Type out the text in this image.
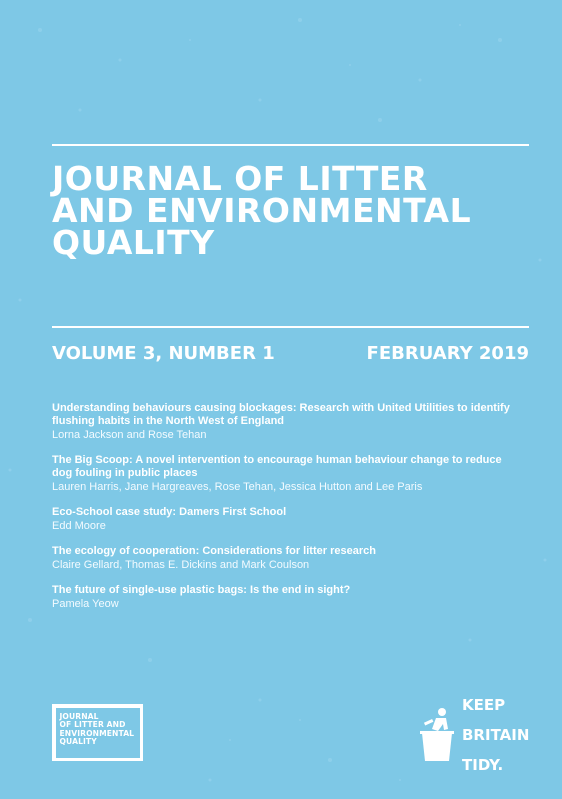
JOURNAL OF LITTER
AND ENVIRONMENTAL
QUALITY
VOLUME 3, NUMBER 1	FEBRUARY 2019
Understanding behaviours causing blockages: Research with United Utilities to identify flushing habits in the North West of England
Lorna Jackson and Rose Tehan
The Big Scoop: A novel intervention to encourage human behaviour change to reduce dog fouling in public places
Lauren Harris, Jane Hargreaves, Rose Tehan, Jessica Hutton and Lee Paris
Eco-School case study: Damers First School
Edd Moore
The ecology of cooperation: Considerations for litter research
Claire Gellard, Thomas E. Dickins and Mark Coulson
The future of single-use plastic bags: Is the end in sight?
Pamela Yeow
JOURNAL
OF LITTER AND
ENVIRONMENTAL
QUALITY

KEEP

BRITAIN

TIDY.
